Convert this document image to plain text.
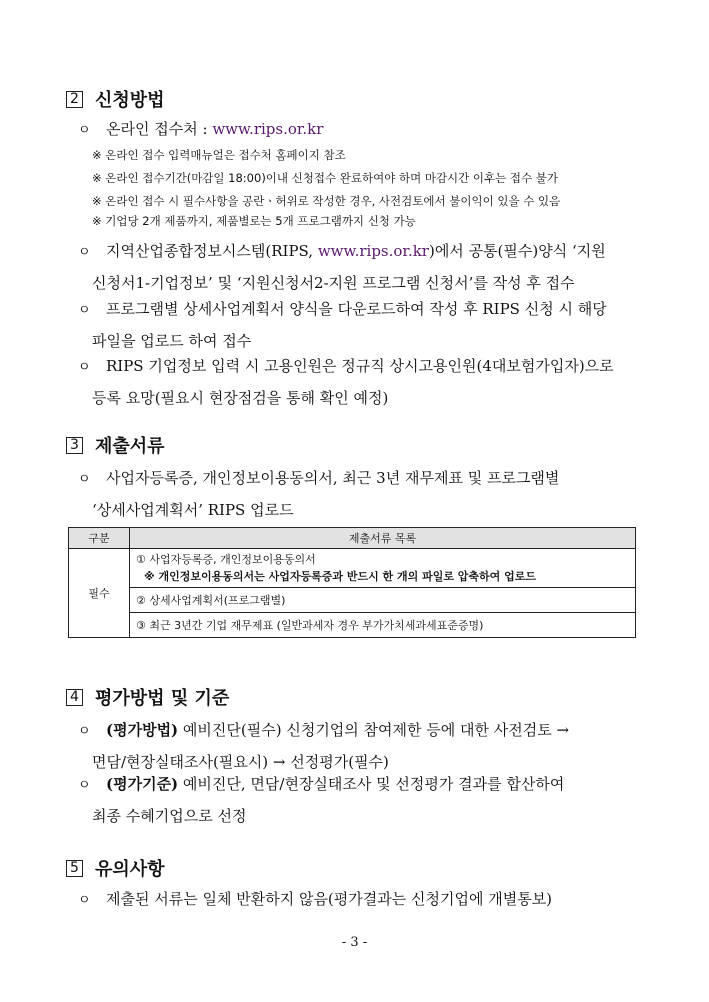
2 신청방법
ㅇ 온라인 접수처 : www.rips.or.kr
※ 온라인 접수 입력매뉴얼은 접수처 홈페이지 참조
※ 온라인 접수기간(마감일 18:00)이내 신청접수 완료하여야 하며 마감시간 이후는 접수 불가
※ 온라인 접수 시 필수사항을 공란ㆍ허위로 작성한 경우, 사전검토에서 불이익이 있을 수 있음
※ 기업당 2개 제품까지, 제품별로는 5개 프로그램까지 신청 가능
ㅇ 지역산업종합정보시스템(RIPS, www.rips.or.kr)에서 공통(필수)양식 ‘지원
신청서1-기업정보’ 및 ‘지원신청서2-지원 프로그램 신청서’를 작성 후 접수
ㅇ 프로그램별 상세사업계획서 양식을 다운로드하여 작성 후 RIPS 신청 시 해당
파일을 업로드 하여 접수
ㅇ RIPS 기업정보 입력 시 고용인원은 정규직 상시고용인원(4대보험가입자)으로
등록 요망(필요시 현장점검을 통해 확인 예정)
3 제출서류
ㅇ 사업자등록증, 개인정보이용동의서, 최근 3년 재무제표 및 프로그램별
‘상세사업계획서’ RIPS 업로드
구분	제출서류 목록
필수	① 사업자등록증, 개인정보이용동의서
※ 개인정보이용동의서는 사업자등록증과 반드시 한 개의 파일로 압축하여 업로드

	② 상세사업계획서(프로그램별)
	③ 최근 3년간 기업 재무제표 (일반과세자 경우 부가가치세과세표준증명)
4 평가방법 및 기준
ㅇ (평가방법) 예비진단(필수) 신청기업의 참여제한 등에 대한 사전검토 →
면담/현장실태조사(필요시) → 선정평가(필수)
ㅇ (평가기준) 예비진단, 면담/현장실태조사 및 선정평가 결과를 합산하여
최종 수혜기업으로 선정
5 유의사항
ㅇ 제출된 서류는 일체 반환하지 않음(평가결과는 신청기업에 개별통보)
- 3 -
